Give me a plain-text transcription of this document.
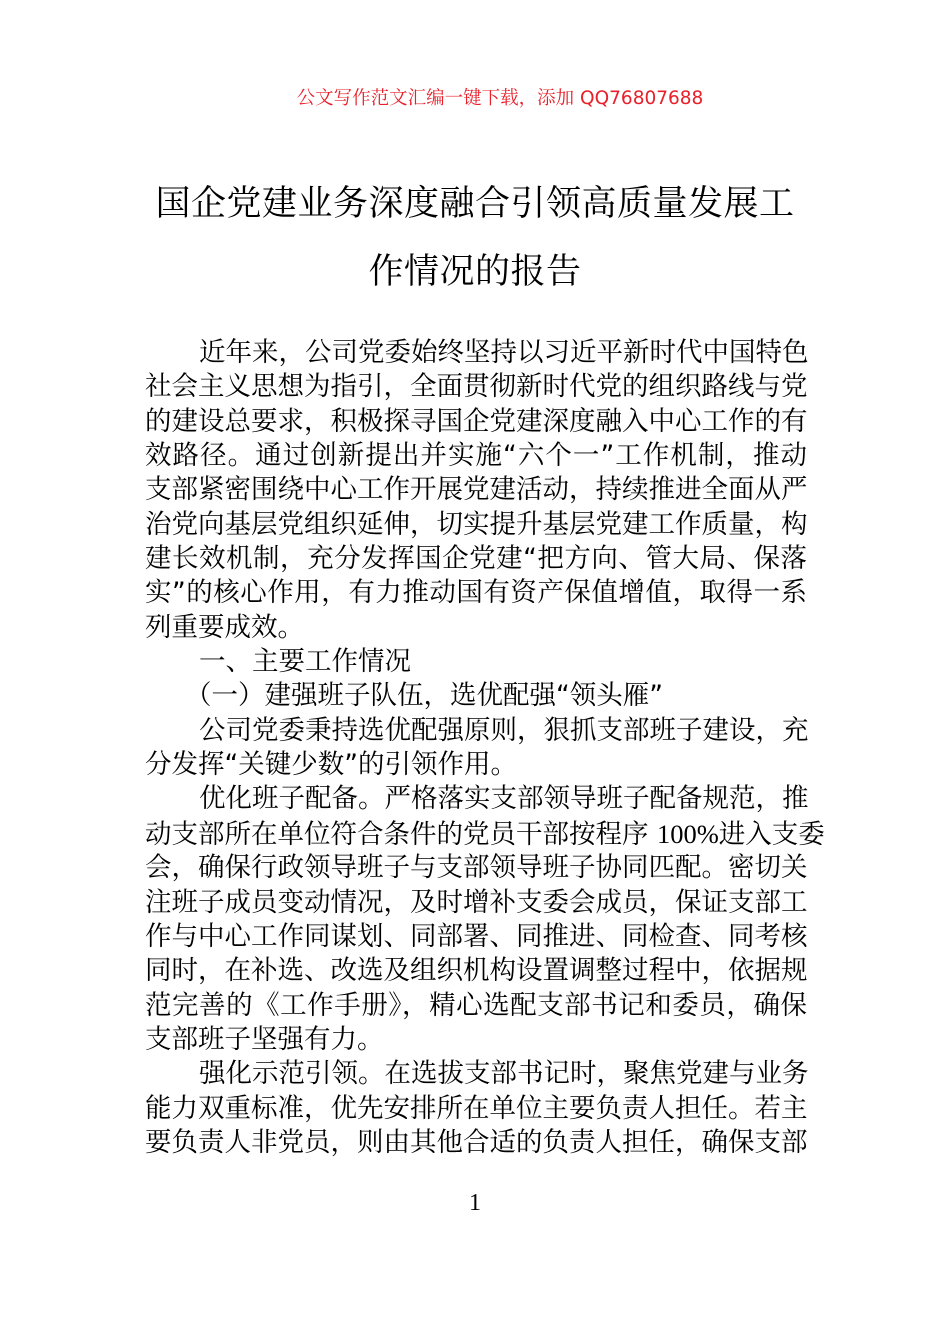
公文写作范文汇编一键下载，添加 QQ76807688
国企党建业务深度融合引领高质量发展工
作情况的报告
近年来，公司党委始终坚持以习近平新时代中国特色
社会主义思想为指引，全面贯彻新时代党的组织路线与党
的建设总要求，积极探寻国企党建深度融入中心工作的有
效路径。通过创新提出并实施“六个一”工作机制，推动
支部紧密围绕中心工作开展党建活动，持续推进全面从严
治党向基层党组织延伸，切实提升基层党建工作质量，构
建长效机制，充分发挥国企党建“把方向、管大局、保落
实”的核心作用，有力推动国有资产保值增值，取得一系
列重要成效。
一、主要工作情况
（一）建强班子队伍，选优配强“领头雁”
公司党委秉持选优配强原则，狠抓支部班子建设，充
分发挥“关键少数”的引领作用。
优化班子配备。严格落实支部领导班子配备规范，推
动支部所在单位符合条件的党员干部按程序 100%进入支委
会，确保行政领导班子与支部领导班子协同匹配。密切关
注班子成员变动情况，及时增补支委会成员，保证支部工
作与中心工作同谋划、同部署、同推进、同检查、同考核
同时，在补选、改选及组织机构设置调整过程中，依据规
范完善的《工作手册》，精心选配支部书记和委员，确保
支部班子坚强有力。
强化示范引领。在选拔支部书记时，聚焦党建与业务
能力双重标准，优先安排所在单位主要负责人担任。若主
要负责人非党员，则由其他合适的负责人担任，确保支部
1
